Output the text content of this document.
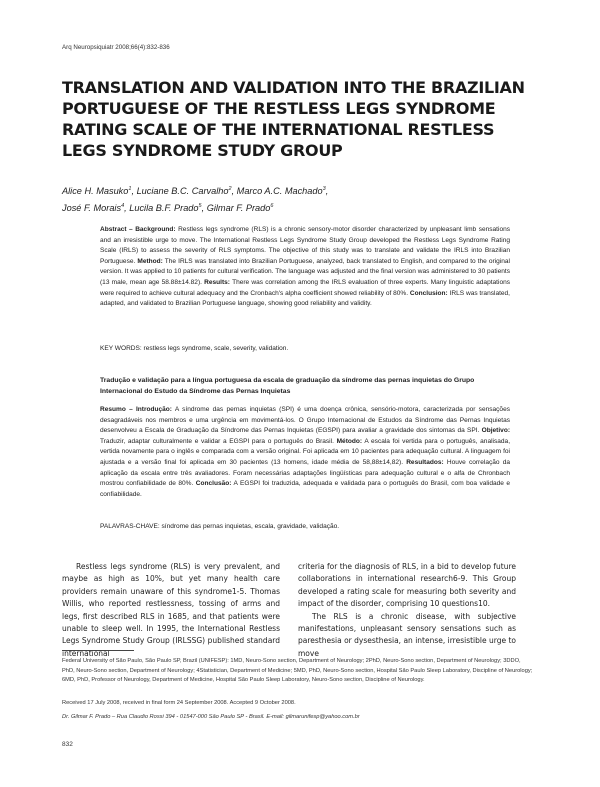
Arq Neuropsiquiatr 2008;66(4):832-836
TRANSLATION AND VALIDATION INTO THE BRAZILIAN PORTUGUESE OF THE RESTLESS LEGS SYNDROME RATING SCALE OF THE INTERNATIONAL RESTLESS LEGS SYNDROME STUDY GROUP
Alice H. Masuko$^1$, Luciane B.C. Carvalho$^2$, Marco A.C. Machado$^3$,
José F. Morais$^4$, Lucila B.F. Prado$^5$, Gilmar F. Prado$^6$

Abstract – Background: Restless legs syndrome (RLS) is a chronic sensory-motor disorder characterized by unpleasant limb sensations and an irresistible urge to move. The International Restless Legs Syndrome Study Group developed the Restless Legs Syndrome Rating Scale (IRLS) to assess the severity of RLS symptoms. The objective of this study was to translate and validate the IRLS into Brazilian Portuguese. Method: The IRLS was translated into Brazilian Portuguese, analyzed, back translated to English, and compared to the original version. It was applied to 10 patients for cultural verification. The language was adjusted and the final version was administered to 30 patients (13 male, mean age 58.88±14.82). Results: There was correlation among the IRLS evaluation of three experts. Many linguistic adaptations were required to achieve cultural adequacy and the Cronbach's alpha coefficient showed reliability of 80%. Conclusion: IRLS was translated, adapted, and validated to Brazilian Portuguese language, showing good reliability and validity.

KEY WORDS: restless legs syndrome, scale, severity, validation.

Tradução e validação para a língua portuguesa da escala de graduação da síndrome das pernas inquietas do Grupo Internacional do Estudo da Síndrome das Pernas Inquietas

Resumo – Introdução: A síndrome das pernas inquietas (SPI) é uma doença crônica, sensório-motora, caracterizada por sensações desagradáveis nos membros e uma urgência em movimentá-los. O Grupo Internacional de Estudos da Síndrome das Pernas Inquietas desenvolveu a Escala de Graduação da Síndrome das Pernas Inquietas (EGSPI) para avaliar a gravidade dos sintomas da SPI. Objetivo: Traduzir, adaptar culturalmente e validar a EGSPI para o português do Brasil. Método: A escala foi vertida para o português, analisada, vertida novamente para o inglês e comparada com a versão original. Foi aplicada em 10 pacientes para adequação cultural. A linguagem foi ajustada e a versão final foi aplicada em 30 pacientes (13 homens, idade média de 58,88±14,82). Resultados: Houve correlação da aplicação da escala entre três avaliadores. Foram necessárias adaptações lingüísticas para adequação cultural e o alfa de Chronbach mostrou confiabilidade de 80%. Conclusão: A EGSPI foi traduzida, adequada e validada para o português do Brasil, com boa validade e confiabilidade.

PALAVRAS-CHAVE: síndrome das pernas inquietas, escala, gravidade, validação.

Restless legs syndrome (RLS) is very prevalent, and maybe as high as 10%, but yet many health care providers remain unaware of this syndrome1-5. Thomas Willis, who reported restlessness, tossing of arms and legs, first described RLS in 1685, and that patients were unable to sleep well. In 1995, the International Restless Legs Syndrome Study Group (IRLSSG) published standard international

criteria for the diagnosis of RLS, in a bid to develop future collaborations in international research6-9. This Group developed a rating scale for measuring both severity and impact of the disorder, comprising 10 questions10.

The RLS is a chronic disease, with subjective manifestations, unpleasant sensory sensations such as paresthesia or dysesthesia, an intense, irresistible urge to move

Federal University of São Paulo, São Paulo SP, Brazil (UNIFESP): 1MD, Neuro-Sono section, Department of Neurology; 2PhD, Neuro-Sono section, Department of Neurology; 3DDO, PhD, Neuro-Sono section, Department of Neurology; 4Statistician, Department of Medicine; 5MD, PhD, Neuro-Sono section, Hospital São Paulo Sleep Laboratory, Discipline of Neurology; 6MD, PhD, Professor of Neurology, Department of Medicine, Hospital São Paulo Sleep Laboratory, Neuro-Sono section, Discipline of Neurology.

Received 17 July 2008, received in final form 24 September 2008. Accepted 9 October 2008.
Dr. Gilmar F. Prado – Rua Claudio Rossi 394 - 01547-000 São Paulo SP - Brasil. E-mail: gilmarunifesp@yahoo.com.br
832
